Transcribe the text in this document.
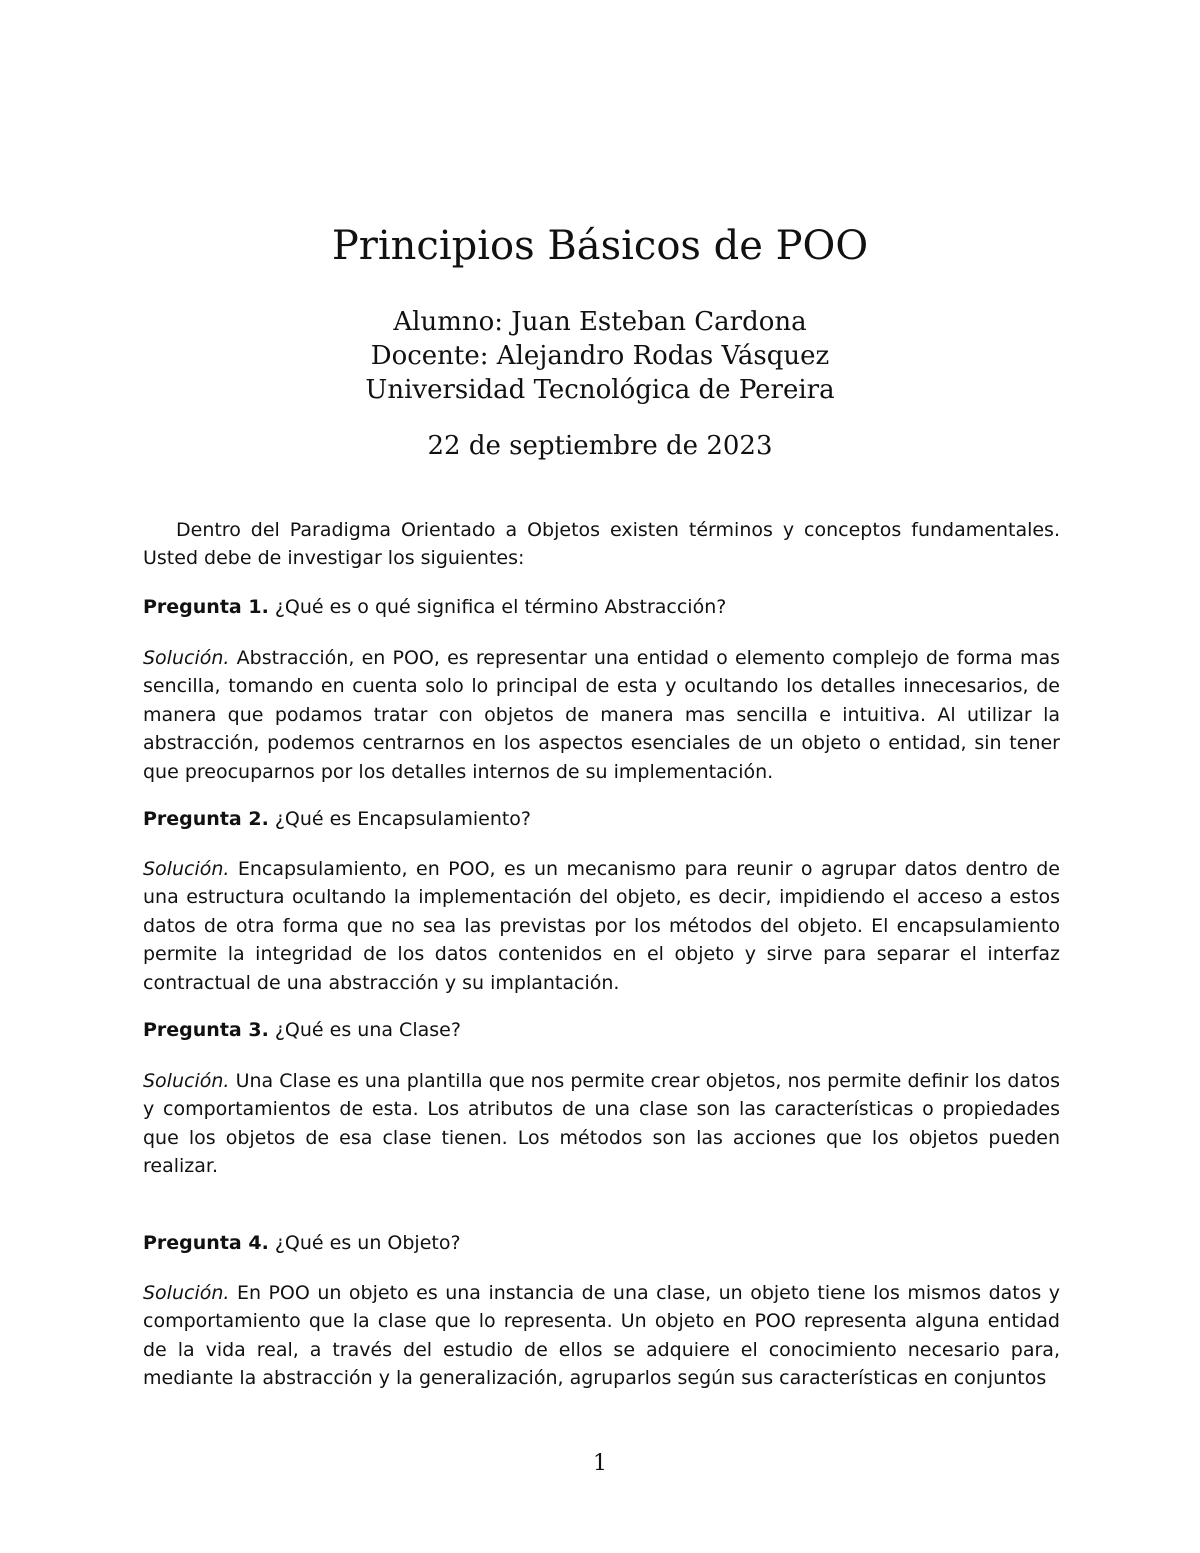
Principios Básicos de POO
Alumno: Juan Esteban Cardona
Docente: Alejandro Rodas Vásquez
Universidad Tecnológica de Pereira
22 de septiembre de 2023

Dentro del Paradigma Orientado a Objetos existen términos y conceptos fundamentales. Usted debe de investigar los siguientes:

Pregunta 1. ¿Qué es o qué significa el término Abstracción?

Solución. Abstracción, en POO, es representar una entidad o elemento complejo de forma mas sencilla, tomando en cuenta solo lo principal de esta y ocultando los detalles innecesarios, de manera que podamos tratar con objetos de manera mas sencilla e intuitiva. Al utilizar la abstracción, podemos centrarnos en los aspectos esenciales de un objeto o entidad, sin tener que preocuparnos por los detalles internos de su implementación.

Pregunta 2. ¿Qué es Encapsulamiento?

Solución. Encapsulamiento, en POO, es un mecanismo para reunir o agrupar datos dentro de una estructura ocultando la implementación del objeto, es decir, impidiendo el acceso a estos datos de otra forma que no sea las previstas por los métodos del objeto. El encapsulamiento permite la integridad de los datos contenidos en el objeto y sirve para separar el interfaz contractual de una abstracción y su implantación.

Pregunta 3. ¿Qué es una Clase?

Solución. Una Clase es una plantilla que nos permite crear objetos, nos permite definir los datos y comportamientos de esta. Los atributos de una clase son las características o propiedades que los objetos de esa clase tienen. Los métodos son las acciones que los objetos pueden realizar.

Pregunta 4. ¿Qué es un Objeto?

Solución. En POO un objeto es una instancia de una clase, un objeto tiene los mismos datos y comportamiento que la clase que lo representa. Un objeto en POO representa alguna entidad de la vida real, a través del estudio de ellos se adquiere el conocimiento necesario para, mediante la abstracción y la generalización, agruparlos según sus características en conjuntos

1
